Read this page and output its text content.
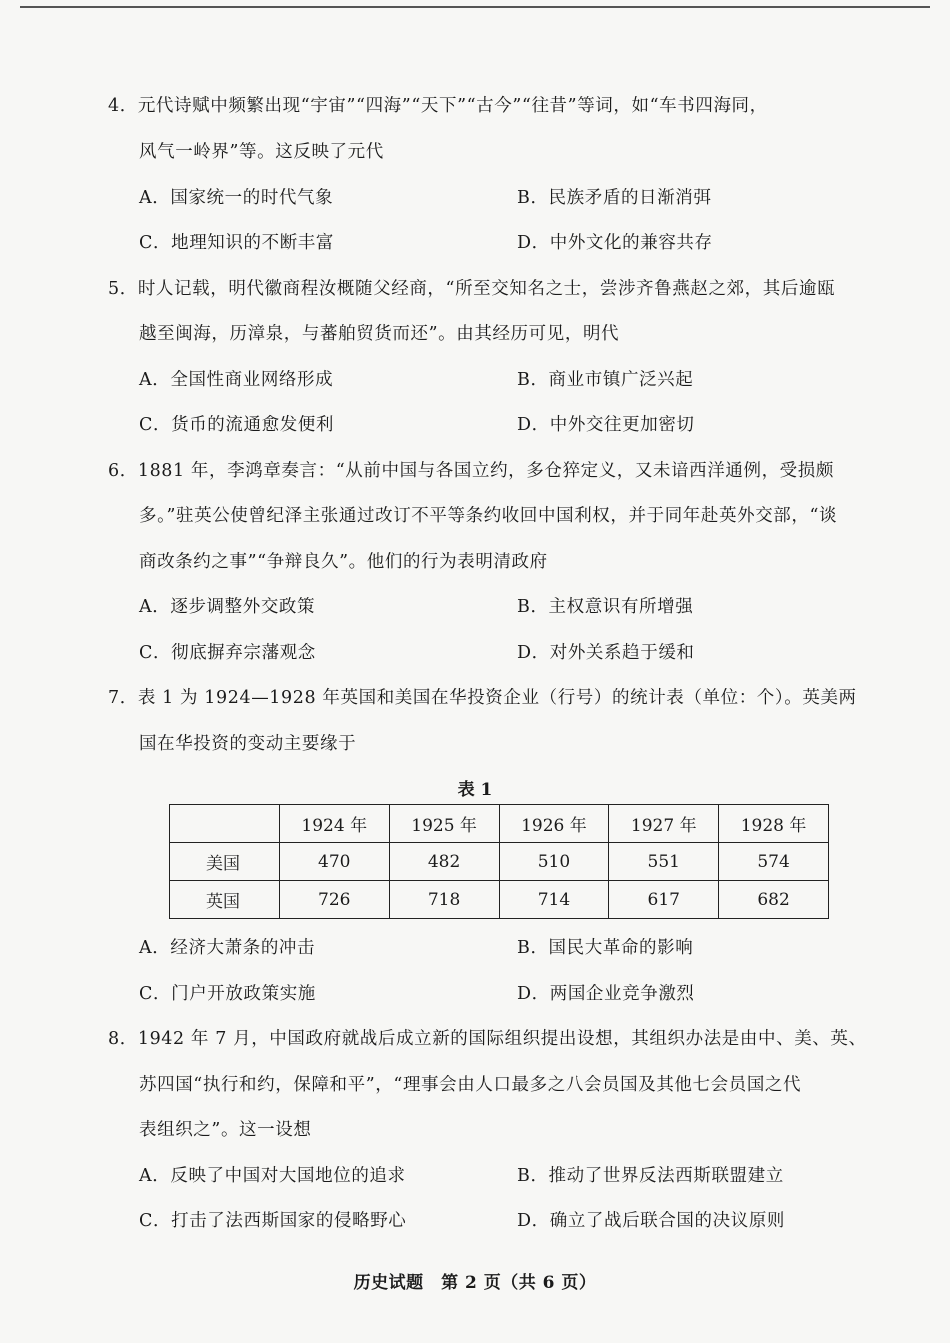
4．元代诗赋中频繁出现“宇宙”“四海”“天下”“古今”“往昔”等词，如“车书四海同，
风气一岭界”等。这反映了元代
A．国家统一的时代气象	B．民族矛盾的日渐消弭
C．地理知识的不断丰富	D．中外文化的兼容共存
5．时人记载，明代徽商程汝概随父经商，“所至交知名之士，尝涉齐鲁燕赵之郊，其后逾瓯
越至闽海，历漳泉，与蕃舶贸货而还”。由其经历可见，明代
A．全国性商业网络形成	B．商业市镇广泛兴起
C．货币的流通愈发便利	D．中外交往更加密切
6．1881 年，李鸿章奏言：“从前中国与各国立约，多仓猝定义，又未谙西洋通例，受损颇
多。”驻英公使曾纪泽主张通过改订不平等条约收回中国利权，并于同年赴英外交部，“谈
商改条约之事”“争辩良久”。他们的行为表明清政府
A．逐步调整外交政策	B．主权意识有所增强
C．彻底摒弃宗藩观念	D．对外关系趋于缓和
7．表 1 为 1924—1928 年英国和美国在华投资企业（行号）的统计表（单位：个）。英美两
国在华投资的变动主要缘于
表 1
	1924 年	1925 年	1926 年	1927 年	1928 年
美国	470	482	510	551	574
英国	726	718	714	617	682
A．经济大萧条的冲击	B．国民大革命的影响
C．门户开放政策实施	D．两国企业竞争激烈
8．1942 年 7 月，中国政府就战后成立新的国际组织提出设想，其组织办法是由中、美、英、
苏四国“执行和约，保障和平”，“理事会由人口最多之八会员国及其他七会员国之代
表组织之”。这一设想
A．反映了中国对大国地位的追求	B．推动了世界反法西斯联盟建立
C．打击了法西斯国家的侵略野心	D．确立了战后联合国的决议原则
历史试题　第 2 页（共 6 页）
